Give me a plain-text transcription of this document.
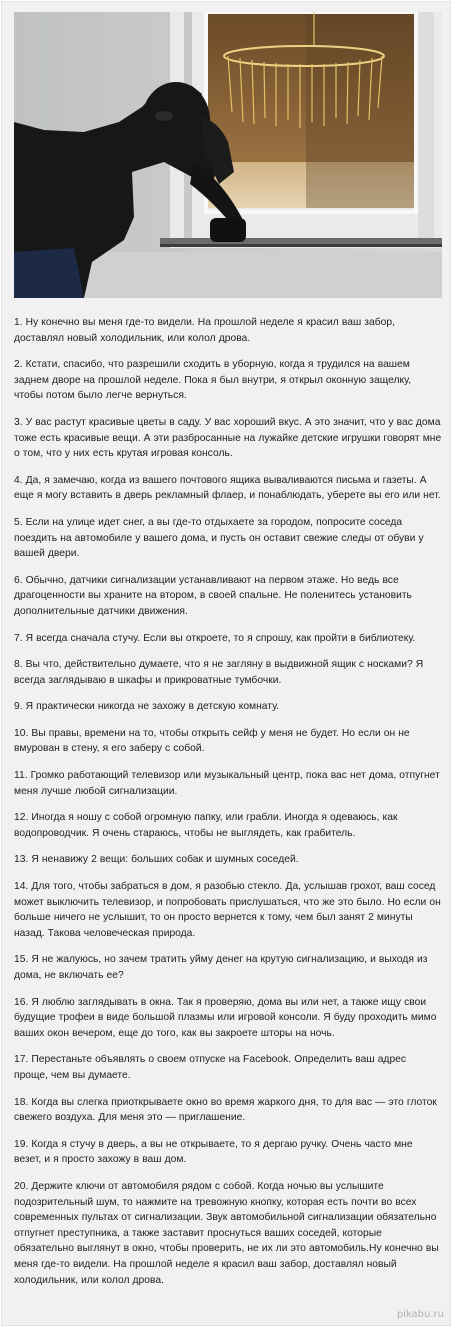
1. Ну конечно вы меня где-то видели. На прошлой неделе я красил ваш забор, доставлял новый холодильник, или колол дрова.

2. Кстати, спасибо, что разрешили сходить в уборную, когда я трудился на вашем заднем дворе на прошлой неделе. Пока я был внутри, я открыл оконную защелку, чтобы потом было легче вернуться.

3. У вас растут красивые цветы в саду. У вас хороший вкус. А это значит, что у вас дома тоже есть красивые вещи. А эти разбросанные на лужайке детские игрушки говорят мне о том, что у них есть крутая игровая консоль.

4. Да, я замечаю, когда из вашего почтового ящика вываливаются письма и газеты. А еще я могу вставить в дверь рекламный флаер, и понаблюдать, уберете вы его или нет.

5. Если на улице идет снег, а вы где-то отдыхаете за городом, попросите соседа поездить на автомобиле у вашего дома, и пусть он оставит свежие следы от обуви у вашей двери.

6. Обычно, датчики сигнализации устанавливают на первом этаже. Но ведь все драгоценности вы храните на втором, в своей спальне. Не поленитесь установить дополнительные датчики движения.

7. Я всегда сначала стучу. Если вы откроете, то я спрошу, как пройти в библиотеку.

8. Вы что, действительно думаете, что я не загляну в выдвижной ящик с носками? Я всегда заглядываю в шкафы и прикроватные тумбочки.

9. Я практически никогда не захожу в детскую комнату.

10. Вы правы, времени на то, чтобы открыть сейф у меня не будет. Но если он не вмурован в стену, я его заберу с собой.

11. Громко работающий телевизор или музыкальный центр, пока вас нет дома, отпугнет меня лучше любой сигнализации.

12. Иногда я ношу с собой огромную папку, или грабли. Иногда я одеваюсь, как водопроводчик. Я очень стараюсь, чтобы не выглядеть, как грабитель.

13. Я ненавижу 2 вещи: больших собак и шумных соседей.

14. Для того, чтобы забраться в дом, я разобью стекло. Да, услышав грохот, ваш сосед может выключить телевизор, и попробовать прислушаться, что же это было. Но если он больше ничего не услышит, то он просто вернется к тому, чем был занят 2 минуты назад. Такова человеческая природа.

15. Я не жалуюсь, но зачем тратить уйму денег на крутую сигнализацию, и выходя из дома, не включать ее?

16. Я люблю заглядывать в окна. Так я проверяю, дома вы или нет, а также ищу свои будущие трофеи в виде большой плазмы или игровой консоли. Я буду проходить мимо ваших окон вечером, еще до того, как вы закроете шторы на ночь.

17. Перестаньте объявлять о своем отпуске на Facebook. Определить ваш адрес проще, чем вы думаете.

18. Когда вы слегка приоткрываете окно во время жаркого дня, то для вас — это глоток свежего воздуха. Для меня это — приглашение.

19. Когда я стучу в дверь, а вы не открываете, то я дергаю ручку. Очень часто мне везет, и я просто захожу в ваш дом.

20. Держите ключи от автомобиля рядом с собой. Когда ночью вы услышите подозрительный шум, то нажмите на тревожную кнопку, которая есть почти во всех современных пультах от сигнализации. Звук автомобильной сигнализации обязательно отпугнет преступника, а также заставит проснуться ваших соседей, которые обязательно выглянут в окно, чтобы проверить, не их ли это автомобиль.Ну конечно вы меня где-то видели. На прошлой неделе я красил ваш забор, доставлял новый холодильник, или колол дрова.

pikabu.ru
